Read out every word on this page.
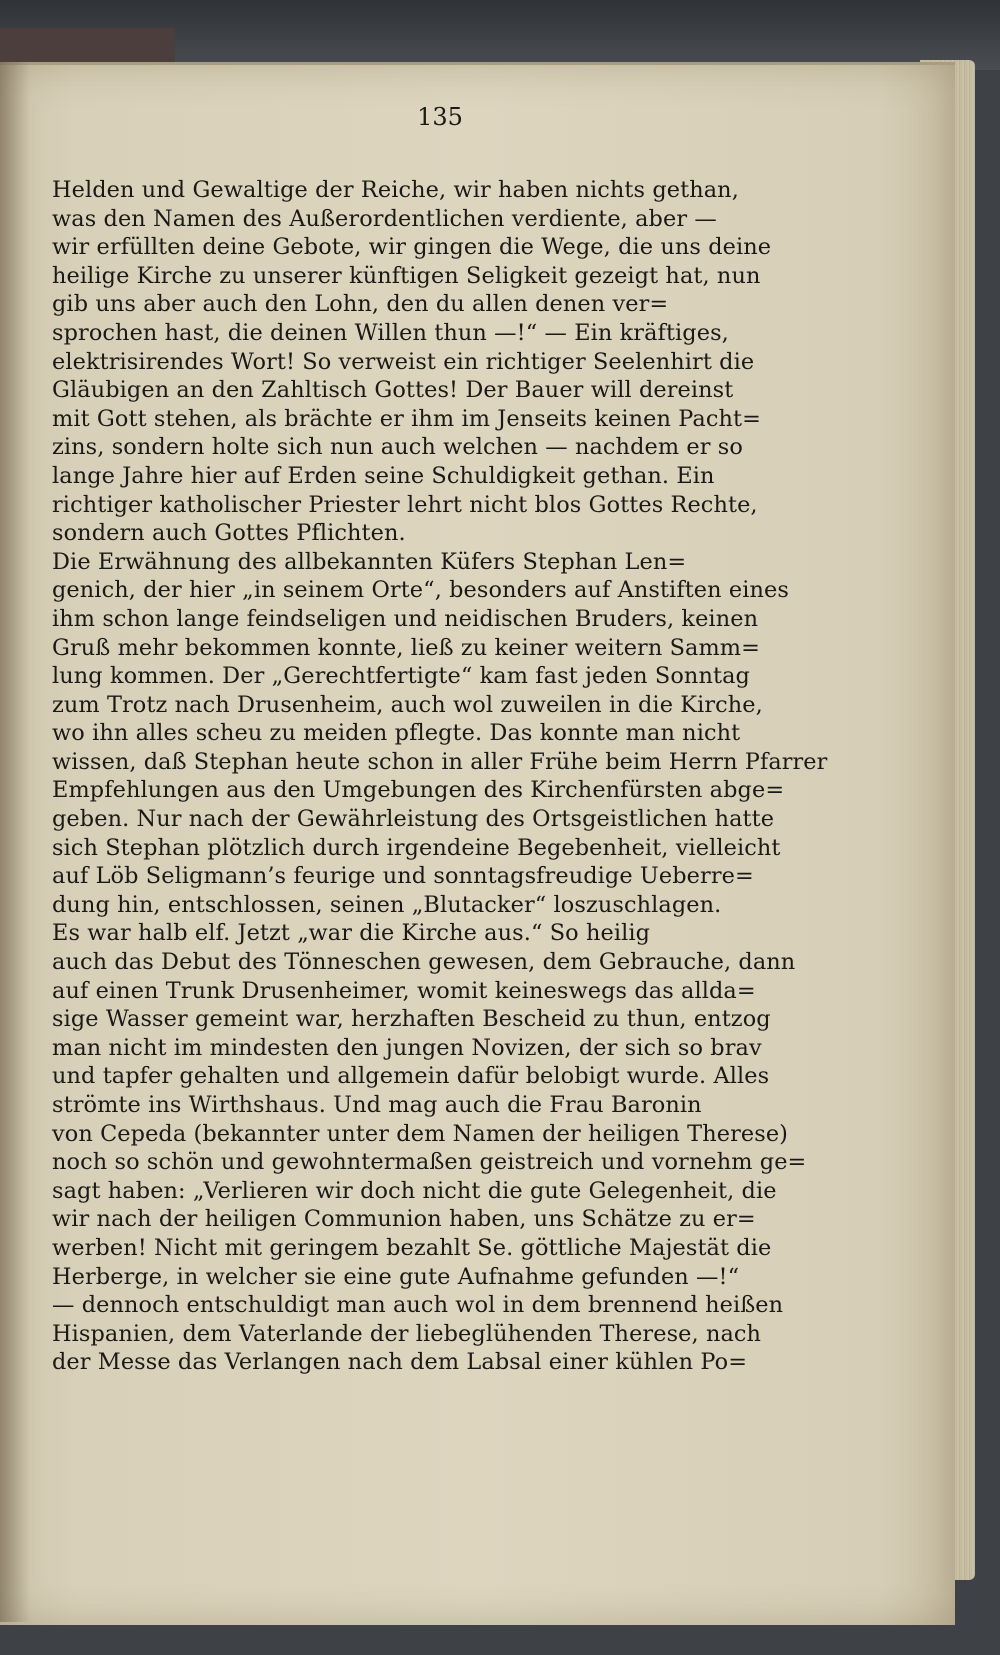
135
Helden und Gewaltige der Reiche, wir haben nichts gethan,
was den Namen des Außerordentlichen verdiente, aber —
wir erfüllten deine Gebote, wir gingen die Wege, die uns deine
heilige Kirche zu unserer künftigen Seligkeit gezeigt hat, nun
gib uns aber auch den Lohn, den du allen denen ver=
sprochen hast, die deinen Willen thun —!“ — Ein kräftiges,
elektrisirendes Wort! So verweist ein richtiger Seelenhirt die
Gläubigen an den Zahltisch Gottes! Der Bauer will dereinst
mit Gott stehen, als brächte er ihm im Jenseits keinen Pacht=
zins, sondern holte sich nun auch welchen — nachdem er so
lange Jahre hier auf Erden seine Schuldigkeit gethan. Ein
richtiger katholischer Priester lehrt nicht blos Gottes Rechte,
sondern auch Gottes Pflichten.
Die Erwähnung des allbekannten Küfers Stephan Len=
genich, der hier „in seinem Orte“, besonders auf Anstiften eines
ihm schon lange feindseligen und neidischen Bruders, keinen
Gruß mehr bekommen konnte, ließ zu keiner weitern Samm=
lung kommen. Der „Gerechtfertigte“ kam fast jeden Sonntag
zum Trotz nach Drusenheim, auch wol zuweilen in die Kirche,
wo ihn alles scheu zu meiden pflegte. Das konnte man nicht
wissen, daß Stephan heute schon in aller Frühe beim Herrn Pfarrer
Empfehlungen aus den Umgebungen des Kirchenfürsten abge=
geben. Nur nach der Gewährleistung des Ortsgeistlichen hatte
sich Stephan plötzlich durch irgendeine Begebenheit, vielleicht
auf Löb Seligmann’s feurige und sonntagsfreudige Ueberre=
dung hin, entschlossen, seinen „Blutacker“ loszuschlagen.
Es war halb elf. Jetzt „war die Kirche aus.“ So heilig
auch das Debut des Tönneschen gewesen, dem Gebrauche, dann
auf einen Trunk Drusenheimer, womit keineswegs das allda=
sige Wasser gemeint war, herzhaften Bescheid zu thun, entzog
man nicht im mindesten den jungen Novizen, der sich so brav
und tapfer gehalten und allgemein dafür belobigt wurde. Alles
strömte ins Wirthshaus. Und mag auch die Frau Baronin
von Cepeda (bekannter unter dem Namen der heiligen Therese)
noch so schön und gewohntermaßen geistreich und vornehm ge=
sagt haben: „Verlieren wir doch nicht die gute Gelegenheit, die
wir nach der heiligen Communion haben, uns Schätze zu er=
werben! Nicht mit geringem bezahlt Se. göttliche Majestät die
Herberge, in welcher sie eine gute Aufnahme gefunden —!“
— dennoch entschuldigt man auch wol in dem brennend heißen
Hispanien, dem Vaterlande der liebeglühenden Therese, nach
der Messe das Verlangen nach dem Labsal einer kühlen Po=
